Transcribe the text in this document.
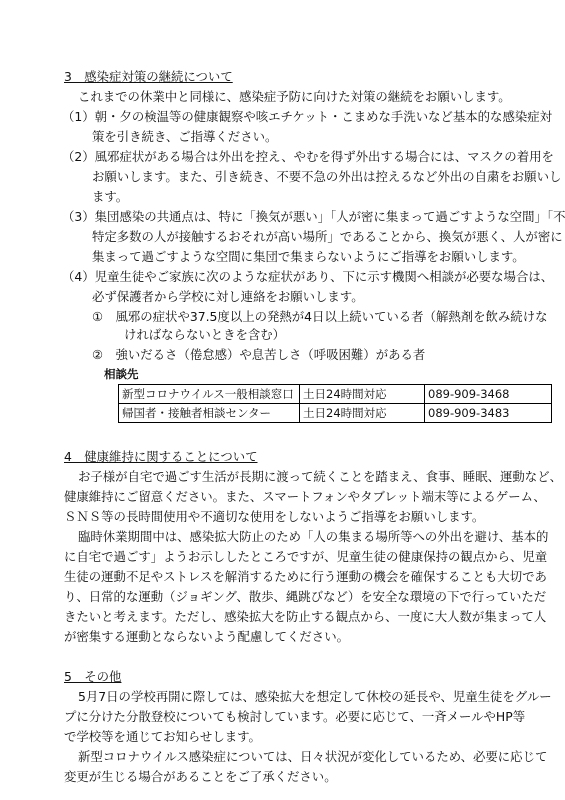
3　感染症対策の継続について
これまでの休業中と同様に、感染症予防に向けた対策の継続をお願いします。
（1）朝・夕の検温等の健康観察や咳エチケット・こまめな手洗いなど基本的な感染症対
策を引き続き、ご指導ください。
（2）風邪症状がある場合は外出を控え、やむを得ず外出する場合には、マスクの着用を
お願いします。また、引き続き、不要不急の外出は控えるなど外出の自粛をお願いし
ます。
（3）集団感染の共通点は、特に「換気が悪い」「人が密に集まって過ごすような空間」「不
特定多数の人が接触するおそれが高い場所」であることから、換気が悪く、人が密に
集まって過ごすような空間に集団で集まらないようにご指導をお願いします。
（4）児童生徒やご家族に次のような症状があり、下に示す機関へ相談が必要な場合は、
必ず保護者から学校に対し連絡をお願いします。
①　風邪の症状や37.5度以上の発熱が4日以上続いている者（解熱剤を飲み続けな
ければならないときを含む）
②　強いだるさ（倦怠感）や息苦しさ（呼吸困難）がある者
相談先
新型コロナウイルス一般相談窓口	土日24時間対応	089-909-3468
帰国者・接触者相談センター	土日24時間対応	089-909-3483
4　健康維持に関することについて
お子様が自宅で過ごす生活が長期に渡って続くことを踏まえ、食事、睡眠、運動など、
健康維持にご留意ください。また、スマートフォンやタブレット端末等によるゲーム、
ＳＮＳ等の長時間使用や不適切な使用をしないようご指導をお願いします。
臨時休業期間中は、感染拡大防止のため「人の集まる場所等への外出を避け、基本的
に自宅で過ごす」ようお示ししたところですが、児童生徒の健康保持の観点から、児童
生徒の運動不足やストレスを解消するために行う運動の機会を確保することも大切であ
り、日常的な運動（ジョギング、散歩、縄跳びなど）を安全な環境の下で行っていただ
きたいと考えます。ただし、感染拡大を防止する観点から、一度に大人数が集まって人
が密集する運動とならないよう配慮してください。
5　その他
5月7日の学校再開に際しては、感染拡大を想定して休校の延長や、児童生徒をグルー
プに分けた分散登校についても検討しています。必要に応じて、一斉メールやHP等
で学校等を通じてお知らせします。
新型コロナウイルス感染症については、日々状況が変化しているため、必要に応じて
変更が生じる場合があることをご了承ください。
